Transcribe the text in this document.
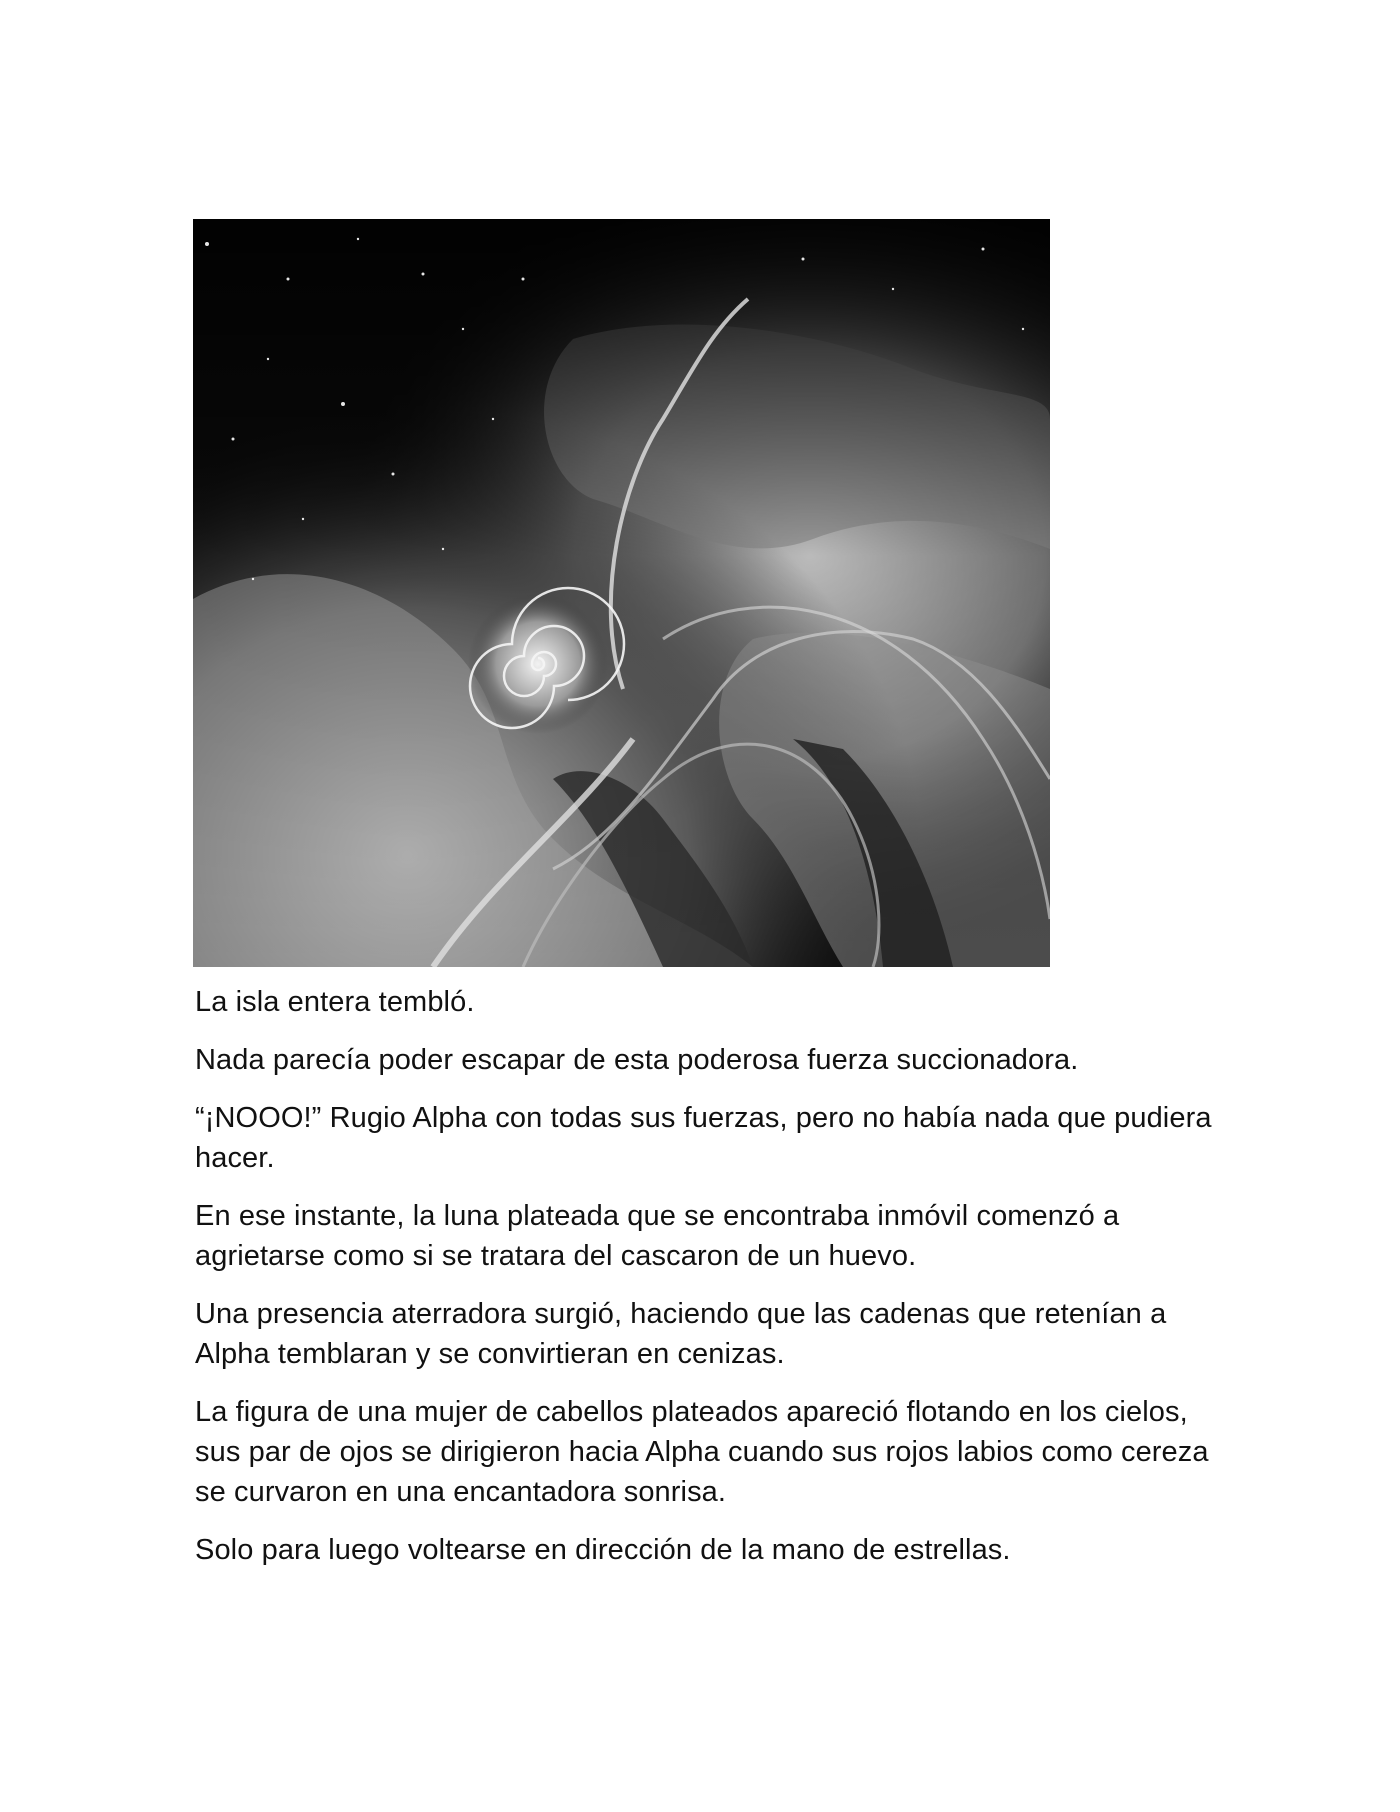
La isla entera tembló.

Nada parecía poder escapar de esta poderosa fuerza succionadora.

“¡NOOO!” Rugio Alpha con todas sus fuerzas, pero no había nada que pudiera hacer.

En ese instante, la luna plateada que se encontraba inmóvil comenzó a agrietarse como si se tratara del cascaron de un huevo.

Una presencia aterradora surgió, haciendo que las cadenas que retenían a Alpha temblaran y se convirtieran en cenizas.

La figura de una mujer de cabellos plateados apareció flotando en los cielos, sus par de ojos se dirigieron hacia Alpha cuando sus rojos labios como cereza se curvaron en una encantadora sonrisa.

Solo para luego voltearse en dirección de la mano de estrellas.
